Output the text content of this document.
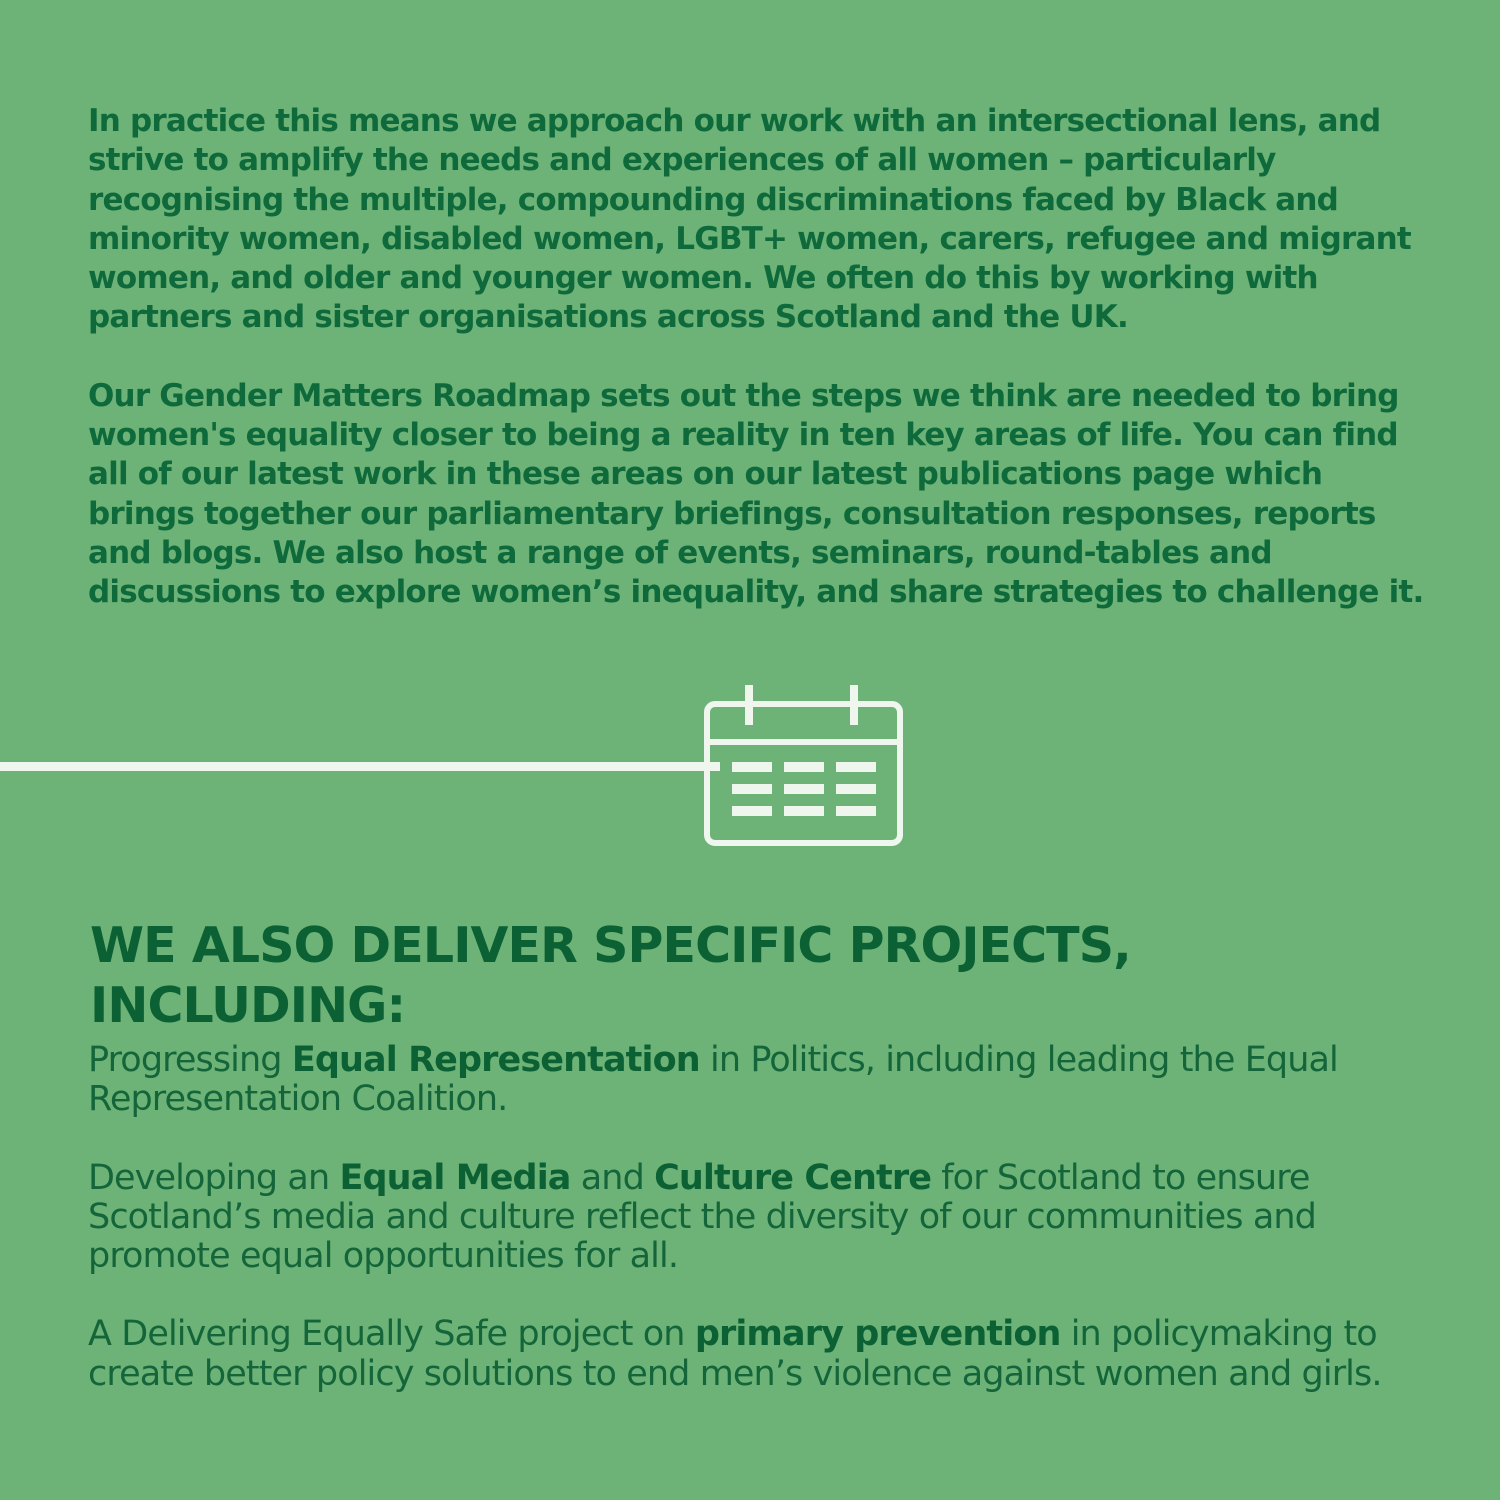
In practice this means we approach our work with an intersectional lens, and strive to amplify the needs and experiences of all women – particularly recognising the multiple, compounding discriminations faced by Black and minority women, disabled women, LGBT+ women, carers, refugee and migrant women, and older and younger women. We often do this by working with partners and sister organisations across Scotland and the UK.

Our Gender Matters Roadmap sets out the steps we think are needed to bring women's equality closer to being a reality in ten key areas of life. You can find all of our latest work in these areas on our latest publications page which brings together our parliamentary briefings, consultation responses, reports and blogs. We also host a range of events, seminars, round-tables and discussions to explore women’s inequality, and share strategies to challenge it.

WE ALSO DELIVER SPECIFIC PROJECTS, INCLUDING:

Progressing Equal Representation in Politics, including leading the Equal Representation Coalition.

Developing an Equal Media and Culture Centre for Scotland to ensure Scotland’s media and culture reflect the diversity of our communities and promote equal opportunities for all.

A Delivering Equally Safe project on primary prevention in policymaking to create better policy solutions to end men’s violence against women and girls.
